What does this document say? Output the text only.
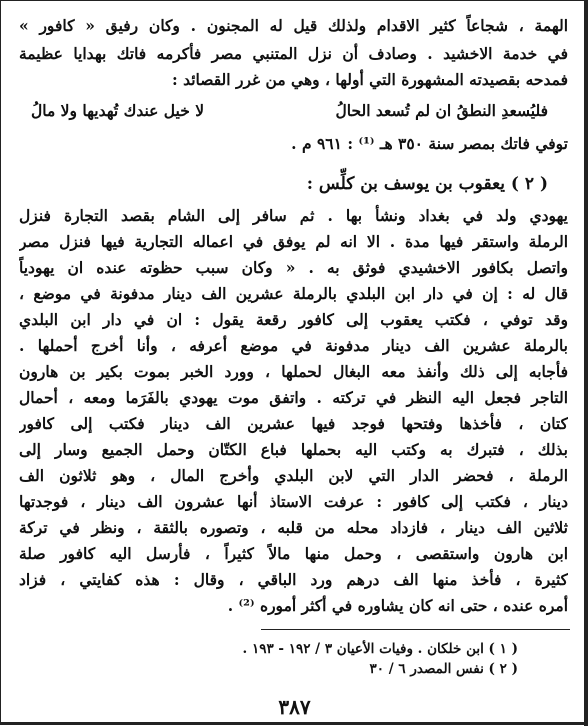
الهمة ، شجاعاً كثير الاقدام ولذلك قيل له المجنون . وكان رفيق « كافور »
في خدمة الاخشيد . وصادف أن نزل المتنبي مصر فأكرمه فاتك بهدايا عظيمة
فمدحه بقصيدته المشهورة التي أولها ، وهي من غرر القصائد :
لا خيل عندك تُهديها ولا مالُ	فليُسعدِ النطقُ ان لم تُسعد الحالُ
توفي فاتك بمصر سنة ٣٥٠ هـ ⁽¹⁾ : ٩٦١ م .
( ٢ ) يعقوب بن يوسف بن كلِّس :
يهودي ولد في بغداد ونشأ بها . ثم سافر إلى الشام بقصد التجارة فنزل
الرملة واستقر فيها مدة . الا انه لم يوفق في اعماله التجارية فيها فنزل مصر
واتصل بكافور الاخشيدي فوثق به . « وكان سبب حظوته عنده ان يهودياً
قال له : إن في دار ابن البلدي بالرملة عشرين الف دينار مدفونة في موضع ،
وقد توفي ، فكتب يعقوب إلى كافور رقعة يقول : ان في دار ابن البلدي
بالرملة عشرين الف دينار مدفونة في موضع أعرفه ، وأنا أخرج أحملها .
فأجابه إلى ذلك وأنفذ معه البغال لحملها ، وورد الخبر بموت بكير بن هارون
التاجر فجعل اليه النظر في تركته . واتفق موت يهودي بالفَرَما ومعه ، أحمال
كتان ، فأخذها وفتحها فوجد فيها عشرين الف دينار فكتب إلى كافور
بذلك ، فتبرك به وكتب اليه بحملها فباع الكتّان وحمل الجميع وسار إلى
الرملة ، فحضر الدار التي لابن البلدي وأخرج المال ، وهو ثلاثون الف
دينار ، فكتب إلى كافور : عرفت الاستاذ أنها عشرون الف دينار ، فوجدتها
ثلاثين الف دينار ، فازداد محله من قلبه ، وتصوره بالثقة ، ونظر في تركة
ابن هارون واستقصى ، وحمل منها مالاً كثيراً ، فأرسل اليه كافور صلة
كثيرة ، فأخذ منها الف درهم ورد الباقي ، وقال : هذه كفايتي ، فزاد
أمره عنده ، حتى انه كان يشاوره في أكثر أموره ⁽²⁾ .
( ١ ) ابن خلكان . وفيات الأعيان ٣ / ١٩٢ - ١٩٣ .
( ٢ ) نفس المصدر ٦ / ٣٠
٣٨٧
